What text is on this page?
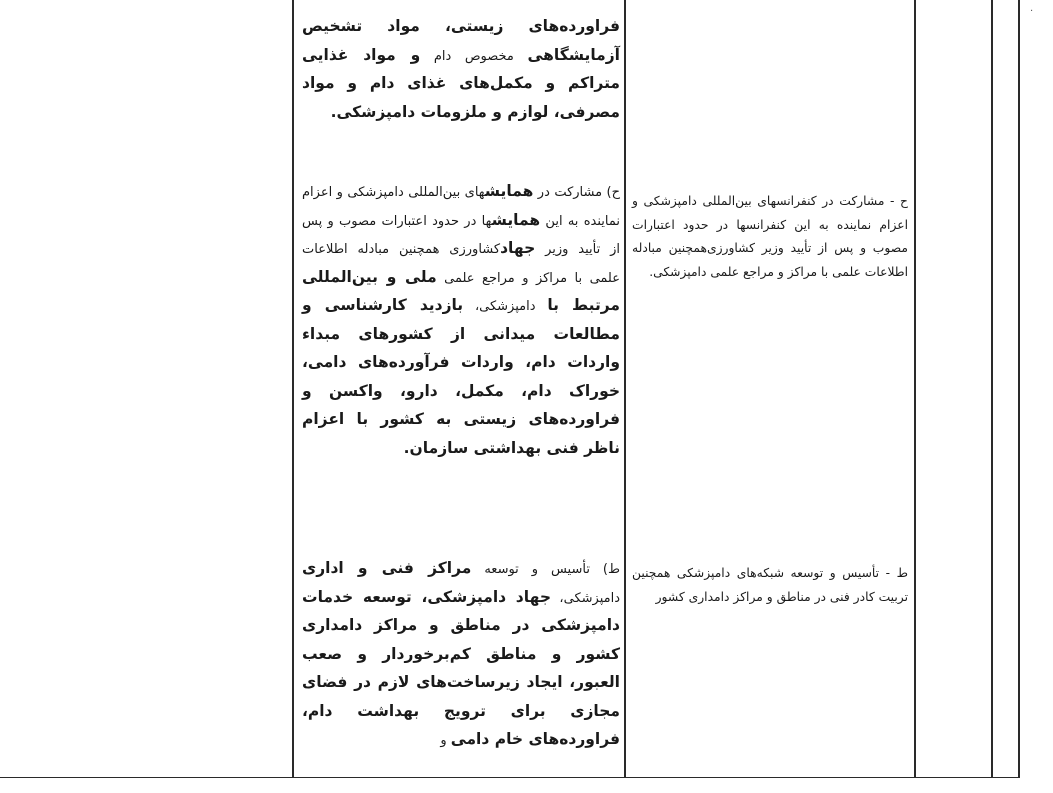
·
فراورده‌های زیستی، مواد تشخیص آزمایشگاهی مخصوص دام و مواد غذایی متراکم و مکمل‌های غذای دام و مواد مصرفی، لوازم و ملزومات دامپزشکی.
ح) مشارکت در همایشهای بین‌المللی دامپزشکی و اعزام نماینده به این همایشها در حدود اعتبارات مصوب و پس از تأیید وزیر جهادکشاورزی همچنین مبادله اطلاعات علمی با مراکز و مراجع علمی ملی و بین‌المللی مرتبط با دامپزشکی، بازدید کارشناسی و مطالعات میدانی از کشورهای مبداء واردات دام، واردات فرآورده‌های دامی، خوراک دام، مکمل، دارو، واکسن و فراورده‌های زیستی به کشور با اعزام ناظر فنی بهداشتی سازمان.
ط) تأسیس و توسعه مراکز فنی و اداری دامپزشکی، جهاد دامپزشکی، توسعه خدمات دامپزشکی در مناطق و مراکز دامداری کشور و مناطق کم‌برخوردار و صعب العبور، ایجاد زیرساخت‌های لازم در فضای مجازی برای ترویج بهداشت دام، فراورده‌های خام دامی و
ح - مشارکت در کنفرانسهای بین‌المللی دامپزشکی و اعزام نماینده به این کنفرانسها در حدود اعتبارات مصوب و پس از تأیید وزیر کشاورزی‌همچنین مبادله اطلاعات علمی با مراکز و مراجع علمی دامپزشکی.
ط - تأسیس و توسعه شبکه‌های دامپزشکی همچنین تربیت کادر فنی در مناطق و مراکز دامداری کشور
